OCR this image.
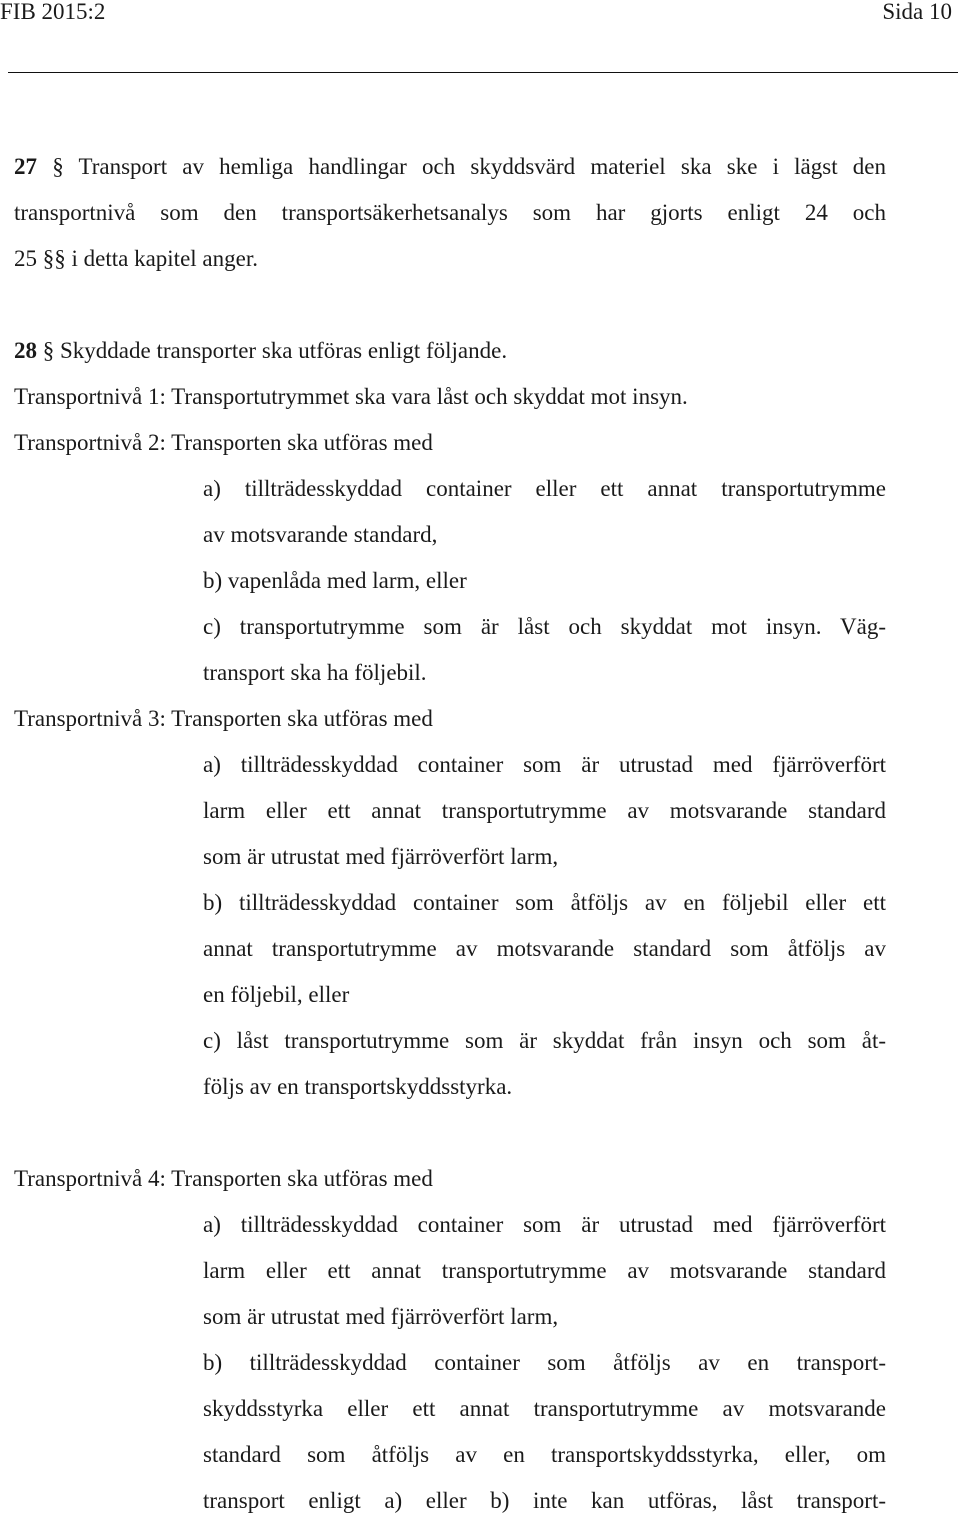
FIB 2015:2	Sida 10
27 § Transport av hemliga handlingar och skyddsvärd materiel ska ske i lägst den
transportnivå som den transportsäkerhetsanalys som har gjorts enligt 24 och
25 §§ i detta kapitel anger.
28 § Skyddade transporter ska utföras enligt följande.
Transportnivå 1: Transportutrymmet ska vara låst och skyddat mot insyn.
Transportnivå 2: Transporten ska utföras med
a) tillträdesskyddad container eller ett annat transportutrymme
av motsvarande standard,
b) vapenlåda med larm, eller
c) transportutrymme som är låst och skyddat mot insyn. Väg-
transport ska ha följebil.
Transportnivå 3: Transporten ska utföras med
a) tillträdesskyddad container som är utrustad med fjärröverfört
larm eller ett annat transportutrymme av motsvarande standard
som är utrustat med fjärröverfört larm,
b) tillträdesskyddad container som åtföljs av en följebil eller ett
annat transportutrymme av motsvarande standard som åtföljs av
en följebil, eller
c) låst transportutrymme som är skyddat från insyn och som åt-
följs av en transportskyddsstyrka.
Transportnivå 4: Transporten ska utföras med
a) tillträdesskyddad container som är utrustad med fjärröverfört
larm eller ett annat transportutrymme av motsvarande standard
som är utrustat med fjärröverfört larm,
b) tillträdesskyddad container som åtföljs av en transport-
skyddsstyrka eller ett annat transportutrymme av motsvarande
standard som åtföljs av en transportskyddsstyrka, eller, om
transport enligt a) eller b) inte kan utföras, låst transport-
